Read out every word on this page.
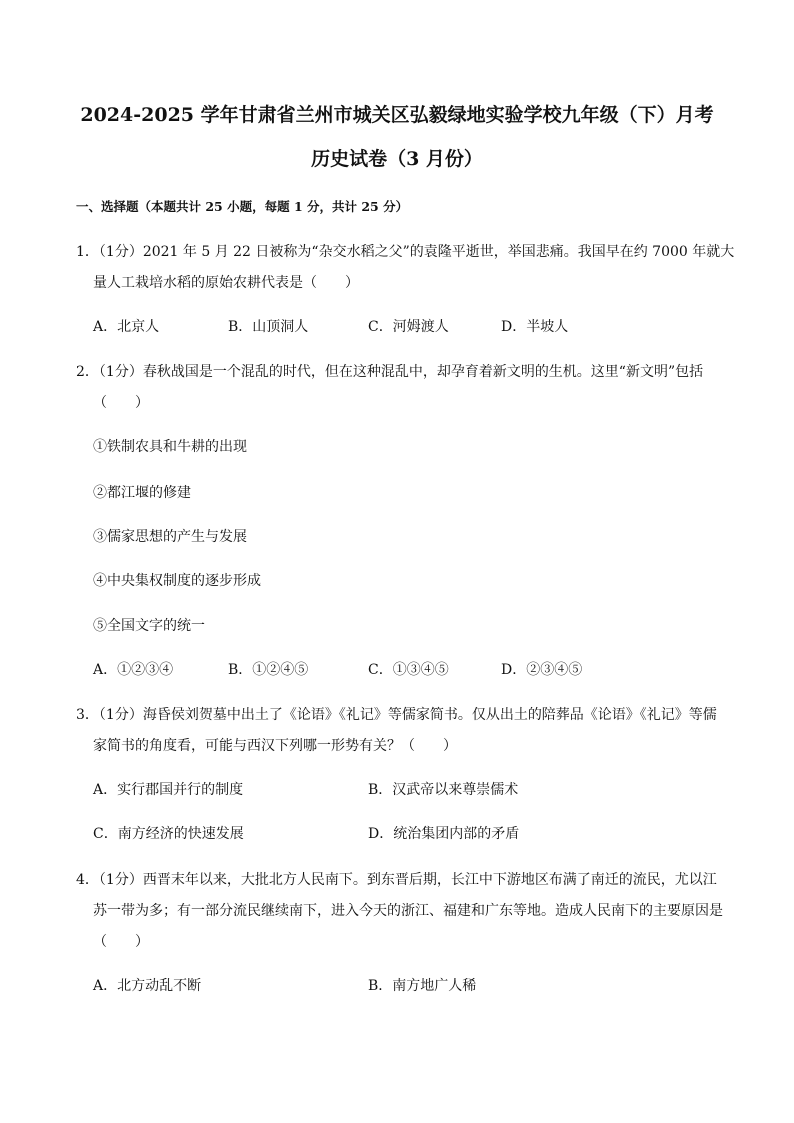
2024-2025 学年甘肃省兰州市城关区弘毅绿地实验学校九年级（下）月考
历史试卷（3 月份）
一、选择题（本题共计 25 小题，每题 1 分，共计 25 分）
1．（1分）2021 年 5 月 22 日被称为“杂交水稻之父”的袁隆平逝世，举国悲痛。我国早在约 7000 年就大
量人工栽培水稻的原始农耕代表是（　　）
A．北京人	B．山顶洞人	C．河姆渡人	D．半坡人
2．（1分）春秋战国是一个混乱的时代，但在这种混乱中，却孕育着新文明的生机。这里“新文明”包括
（　　）
①铁制农具和牛耕的出现
②都江堰的修建
③儒家思想的产生与发展
④中央集权制度的逐步形成
⑤全国文字的统一
A．①②③④	B．①②④⑤	C．①③④⑤	D．②③④⑤
3．（1分）海昏侯刘贺墓中出土了《论语》《礼记》等儒家简书。仅从出土的陪葬品《论语》《礼记》等儒
家简书的角度看，可能与西汉下列哪一形势有关？（　　）
A．实行郡国并行的制度	B．汉武帝以来尊崇儒术
C．南方经济的快速发展	D．统治集团内部的矛盾
4．（1分）西晋末年以来，大批北方人民南下。到东晋后期，长江中下游地区布满了南迁的流民，尤以江
苏一带为多；有一部分流民继续南下，进入今天的浙江、福建和广东等地。造成人民南下的主要原因是
（　　）
A．北方动乱不断	B．南方地广人稀
